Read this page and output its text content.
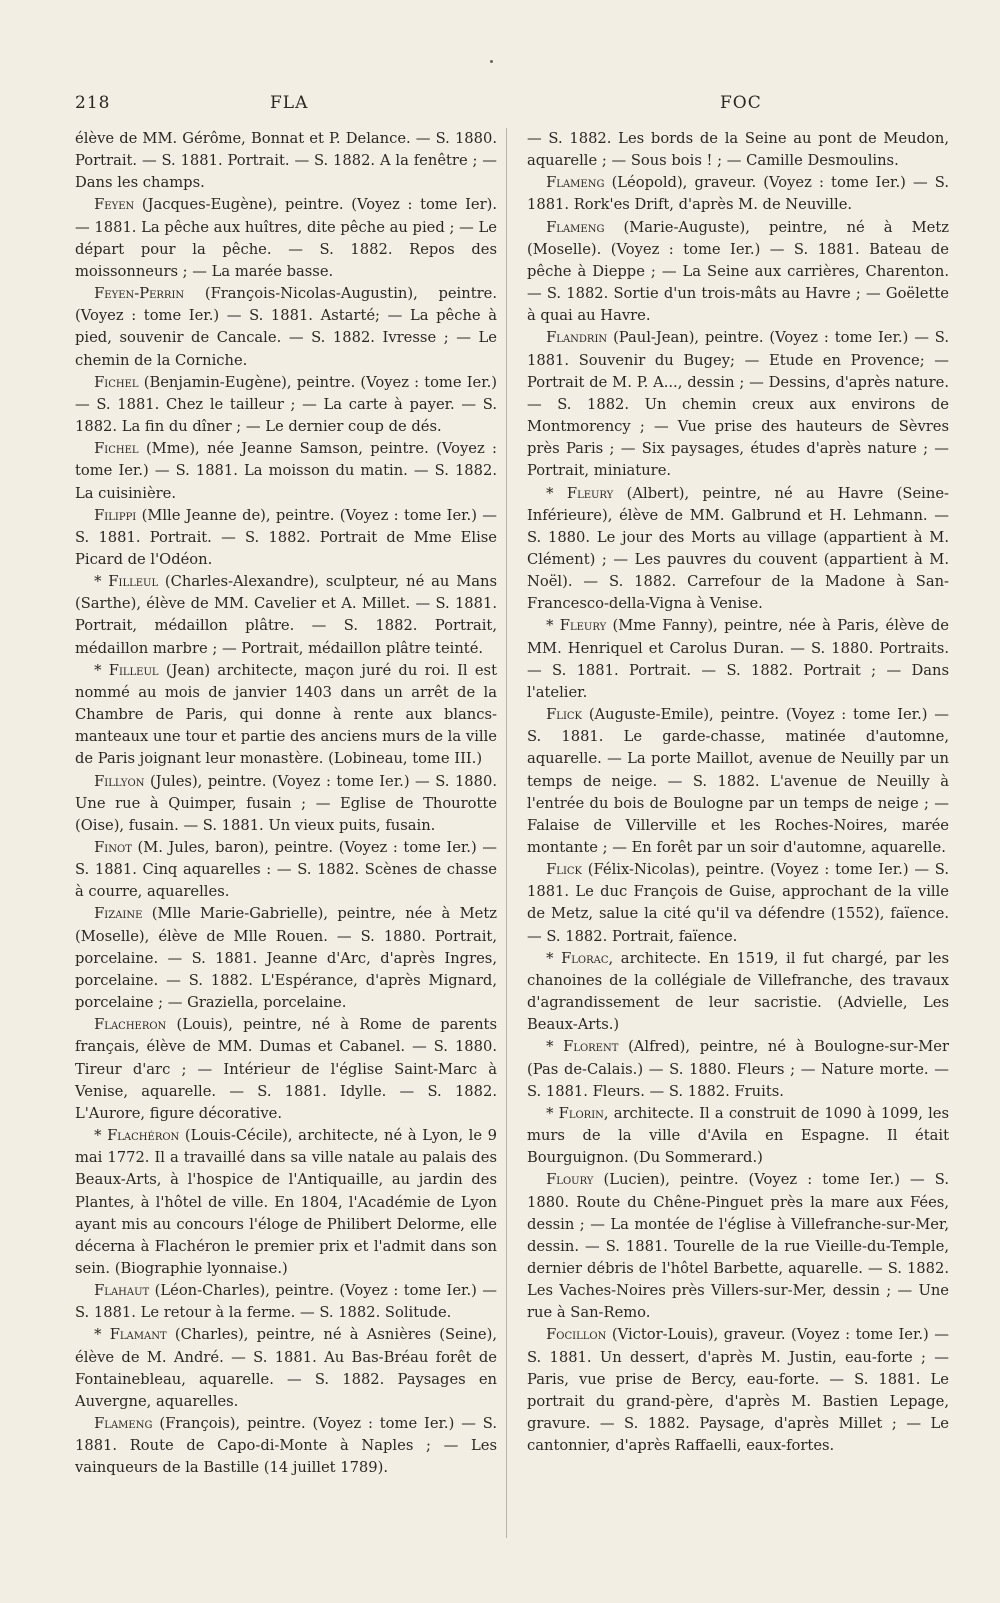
218	FLA	FOC

élève de MM. Gérôme, Bonnat et P. Delance. — S. 1880. Portrait. — S. 1881. Portrait. — S. 1882. A la fenêtre ; — Dans les champs.

Feyen (Jacques-Eugène), peintre. (Voyez : tome Ier). — 1881. La pêche aux huîtres, dite pêche au pied ; — Le départ pour la pêche. — S. 1882. Repos des moissonneurs ; — La marée basse.

Feyen-Perrin (François-Nicolas-Augustin), peintre. (Voyez : tome Ier.) — S. 1881. Astarté; — La pêche à pied, souvenir de Cancale. — S. 1882. Ivresse ; — Le chemin de la Corniche.

Fichel (Benjamin-Eugène), peintre. (Voyez : tome Ier.) — S. 1881. Chez le tailleur ; — La carte à payer. — S. 1882. La fin du dîner ; — Le dernier coup de dés.

Fichel (Mme), née Jeanne Samson, peintre. (Voyez : tome Ier.) — S. 1881. La moisson du matin. — S. 1882. La cuisinière.

Filippi (Mlle Jeanne de), peintre. (Voyez : tome Ier.) — S. 1881. Portrait. — S. 1882. Portrait de Mme Elise Picard de l'Odéon.

* Filleul (Charles-Alexandre), sculpteur, né au Mans (Sarthe), élève de MM. Cavelier et A. Millet. — S. 1881. Portrait, médaillon plâtre. — S. 1882. Portrait, médaillon marbre ; — Portrait, médaillon plâtre teinté.

* Filleul (Jean) architecte, maçon juré du roi. Il est nommé au mois de janvier 1403 dans un arrêt de la Chambre de Paris, qui donne à rente aux blancs-manteaux une tour et partie des anciens murs de la ville de Paris joignant leur monastère. (Lobineau, tome III.)

Fillyon (Jules), peintre. (Voyez : tome Ier.) — S. 1880. Une rue à Quimper, fusain ; — Eglise de Thourotte (Oise), fusain. — S. 1881. Un vieux puits, fusain.

Finot (M. Jules, baron), peintre. (Voyez : tome Ier.) — S. 1881. Cinq aquarelles : — S. 1882. Scènes de chasse à courre, aquarelles.

Fizaine (Mlle Marie-Gabrielle), peintre, née à Metz (Moselle), élève de Mlle Rouen. — S. 1880. Portrait, porcelaine. — S. 1881. Jeanne d'Arc, d'après Ingres, porcelaine. — S. 1882. L'Espérance, d'après Mignard, porcelaine ; — Graziella, porcelaine.

Flacheron (Louis), peintre, né à Rome de parents français, élève de MM. Dumas et Cabanel. — S. 1880. Tireur d'arc ; — Intérieur de l'église Saint-Marc à Venise, aquarelle. — S. 1881. Idylle. — S. 1882. L'Aurore, figure décorative.

* Flachéron (Louis-Cécile), architecte, né à Lyon, le 9 mai 1772. Il a travaillé dans sa ville natale au palais des Beaux-Arts, à l'hospice de l'Antiquaille, au jardin des Plantes, à l'hôtel de ville. En 1804, l'Académie de Lyon ayant mis au concours l'éloge de Philibert Delorme, elle décerna à Flachéron le premier prix et l'admit dans son sein. (Biographie lyonnaise.)

Flahaut (Léon-Charles), peintre. (Voyez : tome Ier.) — S. 1881. Le retour à la ferme. — S. 1882. Solitude.

* Flamant (Charles), peintre, né à Asnières (Seine), élève de M. André. — S. 1881. Au Bas-Bréau forêt de Fontainebleau, aquarelle. — S. 1882. Paysages en Auvergne, aquarelles.

Flameng (François), peintre. (Voyez : tome Ier.) — S. 1881. Route de Capo-di-Monte à Naples ; — Les vainqueurs de la Bastille (14 juillet 1789).

— S. 1882. Les bords de la Seine au pont de Meudon, aquarelle ; — Sous bois ! ; — Camille Desmoulins.

Flameng (Léopold), graveur. (Voyez : tome Ier.) — S. 1881. Rork'es Drift, d'après M. de Neuville.

Flameng (Marie-Auguste), peintre, né à Metz (Moselle). (Voyez : tome Ier.) — S. 1881. Bateau de pêche à Dieppe ; — La Seine aux carrières, Charenton. — S. 1882. Sortie d'un trois-mâts au Havre ; — Goëlette à quai au Havre.

Flandrin (Paul-Jean), peintre. (Voyez : tome Ier.) — S. 1881. Souvenir du Bugey; — Etude en Provence; — Portrait de M. P. A..., dessin ; — Dessins, d'après nature. — S. 1882. Un chemin creux aux environs de Montmorency ; — Vue prise des hauteurs de Sèvres près Paris ; — Six paysages, études d'après nature ; — Portrait, miniature.

* Fleury (Albert), peintre, né au Havre (Seine-Inférieure), élève de MM. Galbrund et H. Lehmann. — S. 1880. Le jour des Morts au village (appartient à M. Clément) ; — Les pauvres du couvent (appartient à M. Noël). — S. 1882. Carrefour de la Madone à San-Francesco-della-Vigna à Venise.

* Fleury (Mme Fanny), peintre, née à Paris, élève de MM. Henriquel et Carolus Duran. — S. 1880. Portraits. — S. 1881. Portrait. — S. 1882. Portrait ; — Dans l'atelier.

Flick (Auguste-Emile), peintre. (Voyez : tome Ier.) — S. 1881. Le garde-chasse, matinée d'automne, aquarelle. — La porte Maillot, avenue de Neuilly par un temps de neige. — S. 1882. L'avenue de Neuilly à l'entrée du bois de Boulogne par un temps de neige ; — Falaise de Villerville et les Roches-Noires, marée montante ; — En forêt par un soir d'automne, aquarelle.

Flick (Félix-Nicolas), peintre. (Voyez : tome Ier.) — S. 1881. Le duc François de Guise, approchant de la ville de Metz, salue la cité qu'il va défendre (1552), faïence. — S. 1882. Portrait, faïence.

* Florac, architecte. En 1519, il fut chargé, par les chanoines de la collégiale de Villefranche, des travaux d'agrandissement de leur sacristie. (Advielle, Les Beaux-Arts.)

* Florent (Alfred), peintre, né à Boulogne-sur-Mer (Pas de-Calais.) — S. 1880. Fleurs ; — Nature morte. — S. 1881. Fleurs. — S. 1882. Fruits.

* Florin, architecte. Il a construit de 1090 à 1099, les murs de la ville d'Avila en Espagne. Il était Bourguignon. (Du Sommerard.)

Floury (Lucien), peintre. (Voyez : tome Ier.) — S. 1880. Route du Chêne-Pinguet près la mare aux Fées, dessin ; — La montée de l'église à Villefranche-sur-Mer, dessin. — S. 1881. Tourelle de la rue Vieille-du-Temple, dernier débris de l'hôtel Barbette, aquarelle. — S. 1882. Les Vaches-Noires près Villers-sur-Mer, dessin ; — Une rue à San-Remo.

Focillon (Victor-Louis), graveur. (Voyez : tome Ier.) — S. 1881. Un dessert, d'après M. Justin, eau-forte ; — Paris, vue prise de Bercy, eau-forte. — S. 1881. Le portrait du grand-père, d'après M. Bastien Lepage, gravure. — S. 1882. Paysage, d'après Millet ; — Le cantonnier, d'après Raffaelli, eaux-fortes.
